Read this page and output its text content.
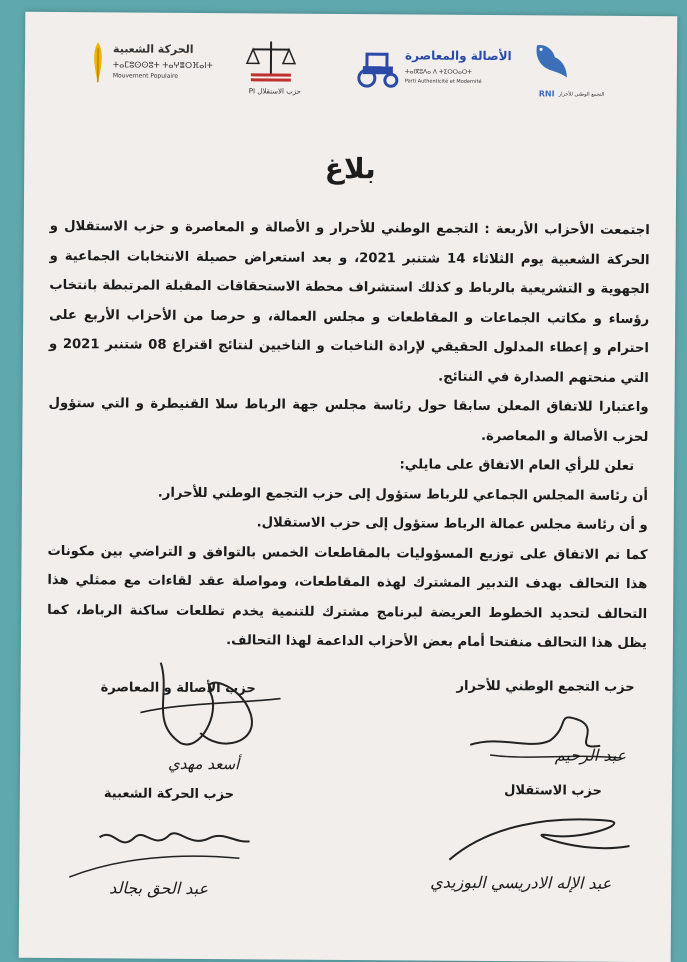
الحركة الشعبية
ⵜⴰⵎⵓⵙⵙⵓⵜ ⵜⴰⵖⴻⵔⴼⴰⵏⵜ
Mouvement Populaire
PI حزب الاستقلال
الأصالة والمعاصرة
ⵜⴰⵏⴳⵓⴷⴰ ⴷ ⵜⵉⵔⵔⴰⵔⵜ
Parti Authenticité et Modernité
RNI التجمع الوطني للأحرار
بلاغ

اجتمعت الأحزاب الأربعة : التجمع الوطني للأحرار و الأصالة و المعاصرة و حزب الاستقلال و الحركة الشعبية يوم الثلاثاء 14 شتنبر 2021، و بعد استعراض حصيلة الانتخابات الجماعية و الجهوية و التشريعية بالرباط و كذلك استشراف محطة الاستحقاقات المقبلة المرتبطة بانتخاب رؤساء و مكاتب الجماعات و المقاطعات و مجلس العمالة، و حرصا من الأحزاب الأربع على احترام و إعطاء المدلول الحقيقي لإرادة الناخبات و الناخبين لنتائج اقتراع 08 شتنبر 2021 و التي منحتهم الصدارة في النتائج.

واعتبارا للاتفاق المعلن سابقا حول رئاسة مجلس جهة الرباط سلا القنيطرة و التي ستؤول لحزب الأصالة و المعاصرة.

تعلن للرأي العام الاتفاق على مايلي:

أن رئاسة المجلس الجماعي للرباط ستؤول إلى حزب التجمع الوطني للأحرار.

و أن رئاسة مجلس عمالة الرباط ستؤول إلى حزب الاستقلال.

كما تم الاتفاق على توزيع المسؤوليات بالمقاطعات الخمس بالتوافق و التراضي بين مكونات هذا التحالف بهدف التدبير المشترك لهذه المقاطعات، ومواصلة عقد لقاءات مع ممثلي هذا التحالف لتحديد الخطوط العريضة لبرنامج مشترك للتنمية يخدم تطلعات ساكنة الرباط، كما يظل هذا التحالف منفتحا أمام بعض الأحزاب الداعمة لهذا التحالف.

حزب التجمع الوطني للأحرار
حزب الأصالة و المعاصرة
أسعد مهدي	عبد الرحيم
حزب الاستقلال
حزب الحركة الشعبية
عبد الإله الادريسي البوزيدي
عبد الحق بجالد
